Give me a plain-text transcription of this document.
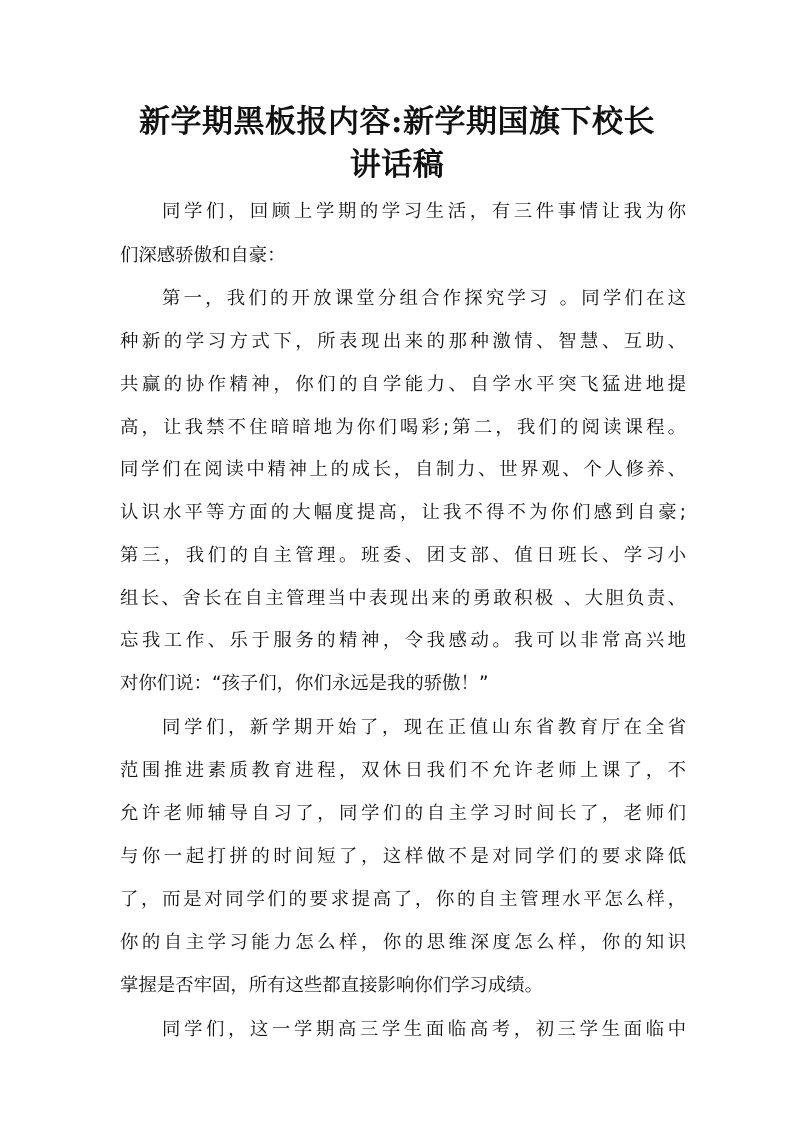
新学期黑板报内容:新学期国旗下校长
讲话稿
同学们，回顾上学期的学习生活，有三件事情让我为你
们深感骄傲和自豪：
第一，我们的开放课堂分组合作探究学习 。同学们在这
种新的学习方式下，所表现出来的那种激情、智慧、互助、
共赢的协作精神，你们的自学能力、自学水平突飞猛进地提
高，让我禁不住暗暗地为你们喝彩;第二，我们的阅读课程。
同学们在阅读中精神上的成长，自制力、世界观、个人修养、
认识水平等方面的大幅度提高，让我不得不为你们感到自豪;
第三，我们的自主管理。班委、团支部、值日班长、学习小
组长、舍长在自主管理当中表现出来的勇敢积极 、大胆负责、
忘我工作、乐于服务的精神，令我感动。我可以非常高兴地
对你们说：“孩子们，你们永远是我的骄傲！”
同学们，新学期开始了，现在正值山东省教育厅在全省
范围推进素质教育进程，双休日我们不允许老师上课了，不
允许老师辅导自习了，同学们的自主学习时间长了，老师们
与你一起打拼的时间短了，这样做不是对同学们的要求降低
了，而是对同学们的要求提高了，你的自主管理水平怎么样，
你的自主学习能力怎么样，你的思维深度怎么样，你的知识
掌握是否牢固，所有这些都直接影响你们学习成绩。
同学们，这一学期高三学生面临高考，初三学生面临中
